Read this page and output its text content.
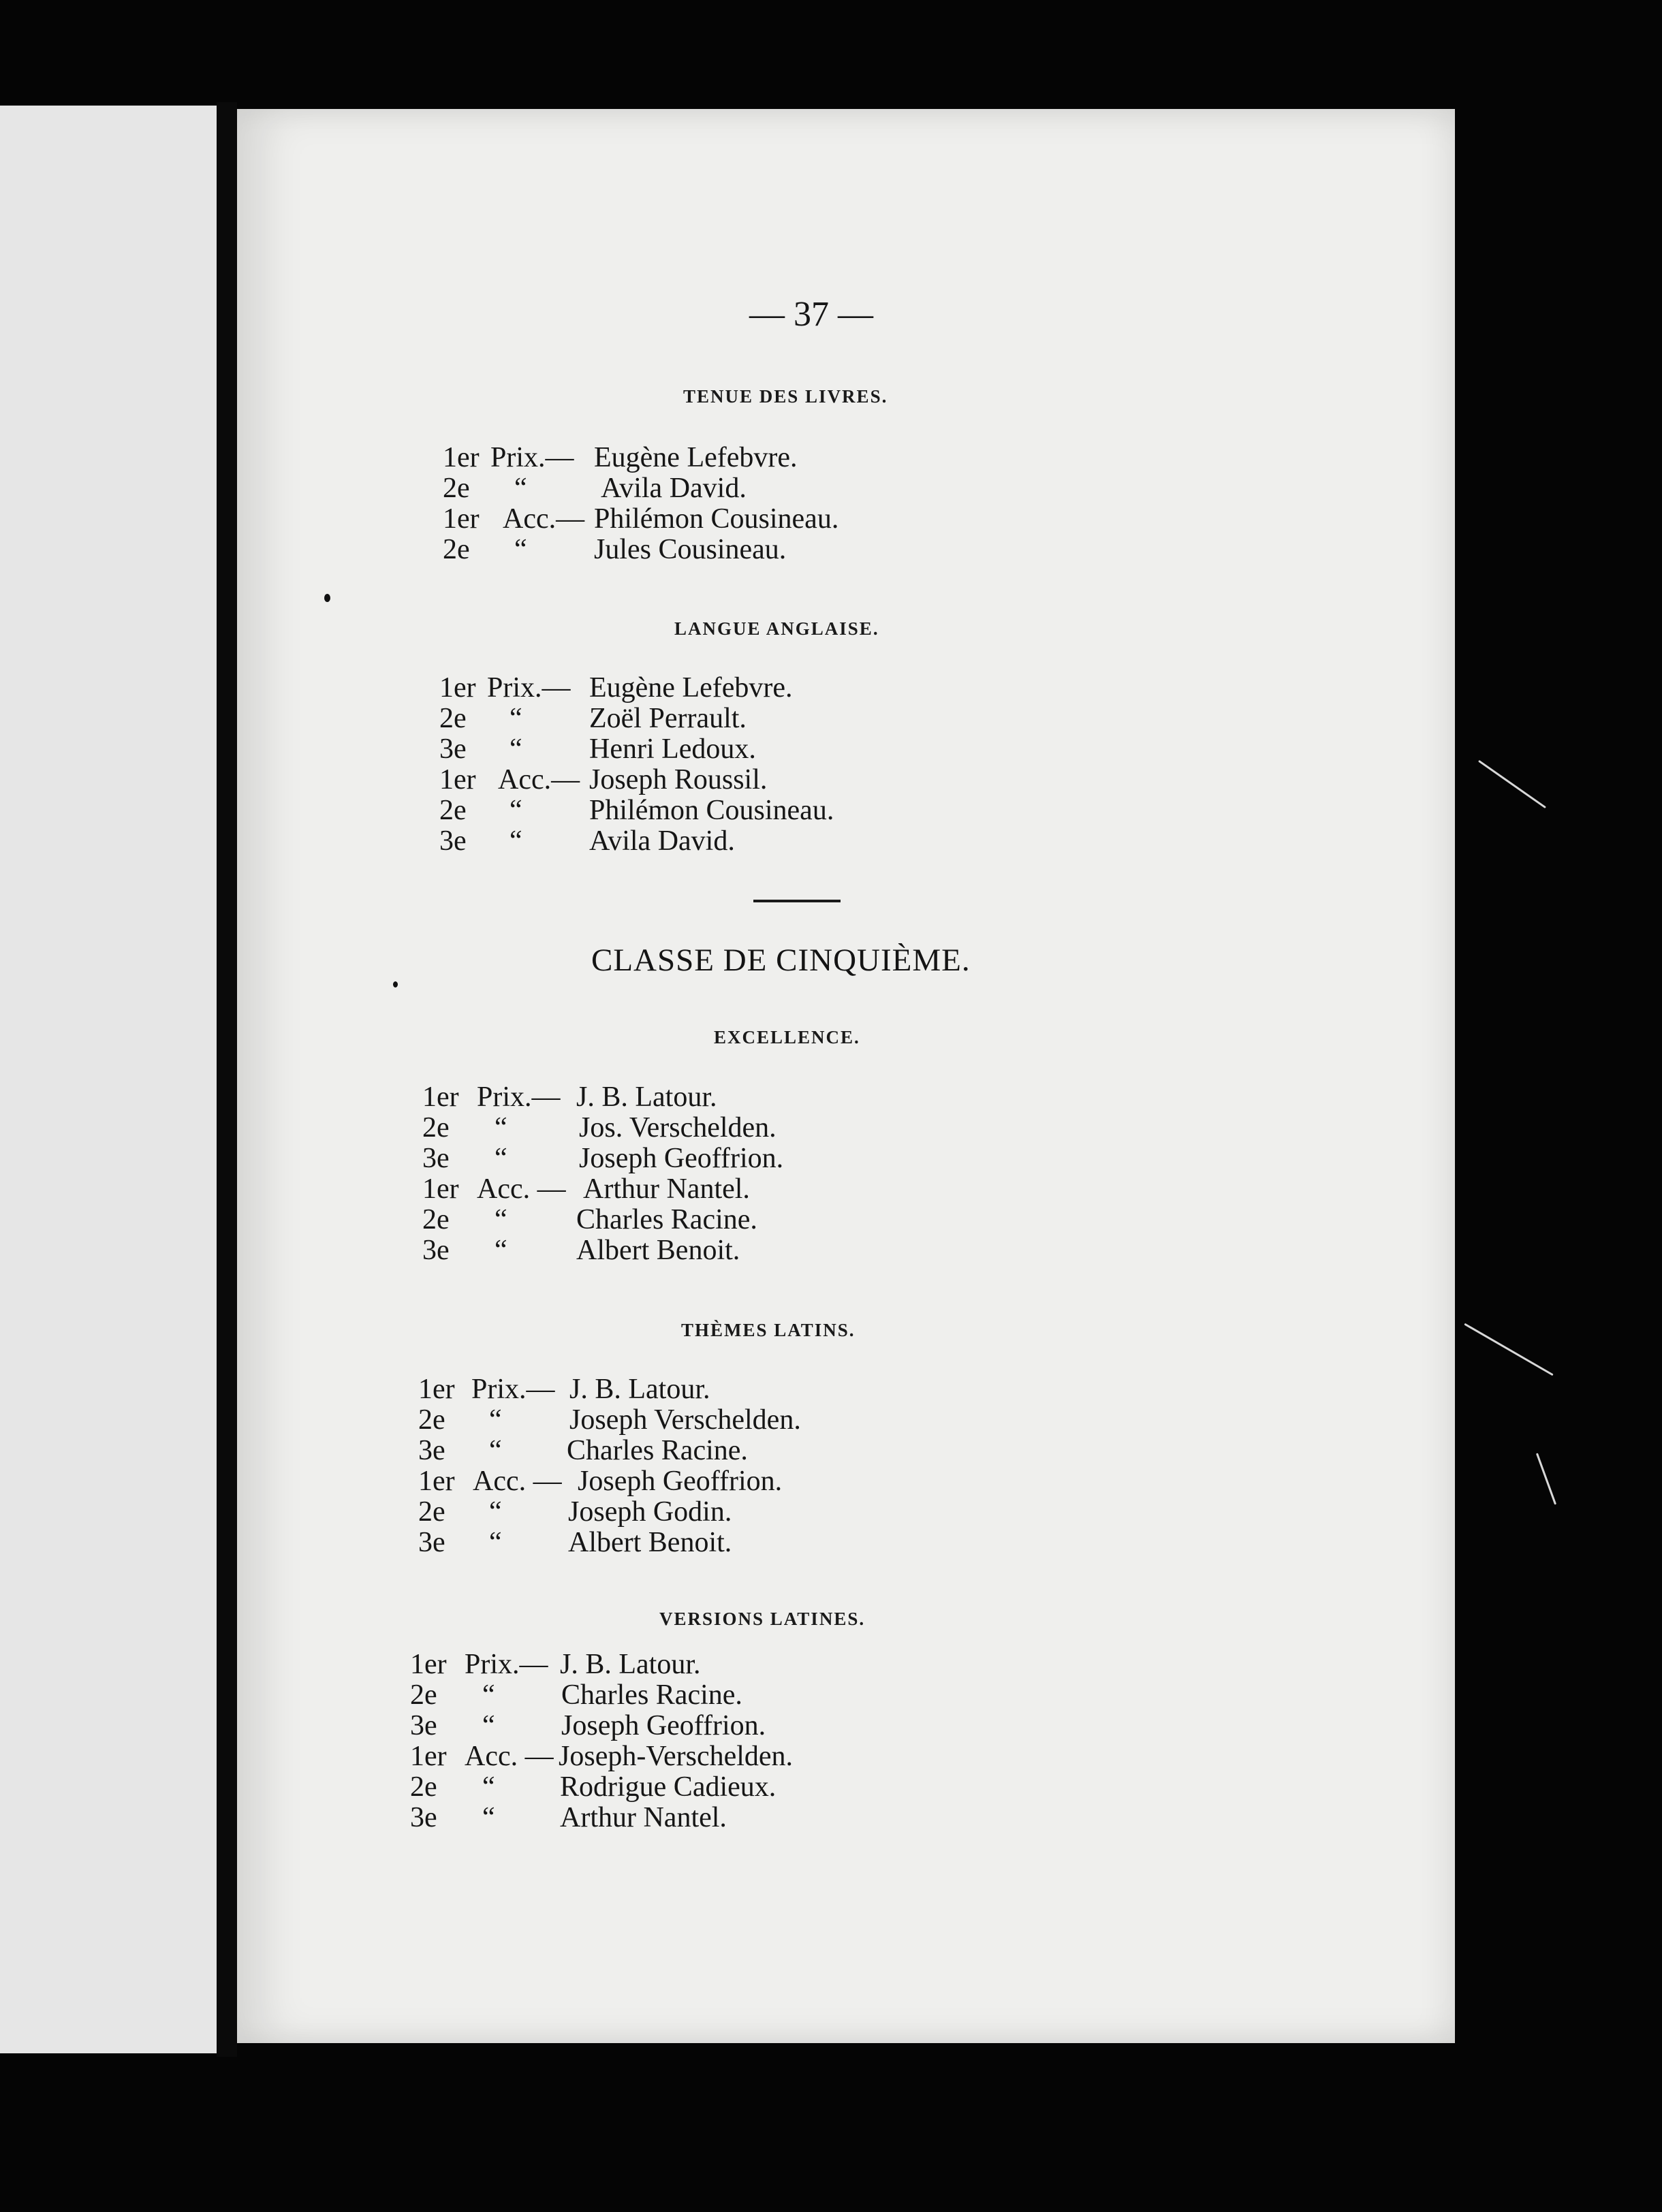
— 37 —
TENUE DES LIVRES.
1er Prix.— Eugène Lefebvre.
2e “	Avila David.
1er Acc.— Philémon Cousineau.
2e “ Jules Cousineau.
LANGUE ANGLAISE.
1er Prix.— Eugène Lefebvre.
2e “ Zoël Perrault.
3e “ Henri Ledoux.
1er Acc.— Joseph Roussil.
2e “ Philémon Cousineau.
3e “ Avila David.
CLASSE DE CINQUIÈME.
EXCELLENCE.
1er Prix.— J. B. Latour.
2e “	Jos. Verschelden.
3e “	Joseph Geoffrion.
1er Acc. — Arthur Nantel.
2e “ Charles Racine.
3e “ Albert Benoit.
THÈMES LATINS.
1er Prix.— J. B. Latour.
2e “ Joseph Verschelden.
3e “ Charles Racine.
1er Acc. — Joseph Geoffrion.
2e “ Joseph Godin.
3e “ Albert Benoit.
VERSIONS LATINES.
1er Prix.— J. B. Latour.
2e “ Charles Racine.
3e “ Joseph Geoffrion.
1er Acc. — Joseph-Verschelden.
2e “ Rodrigue Cadieux.
3e “ Arthur Nantel.
